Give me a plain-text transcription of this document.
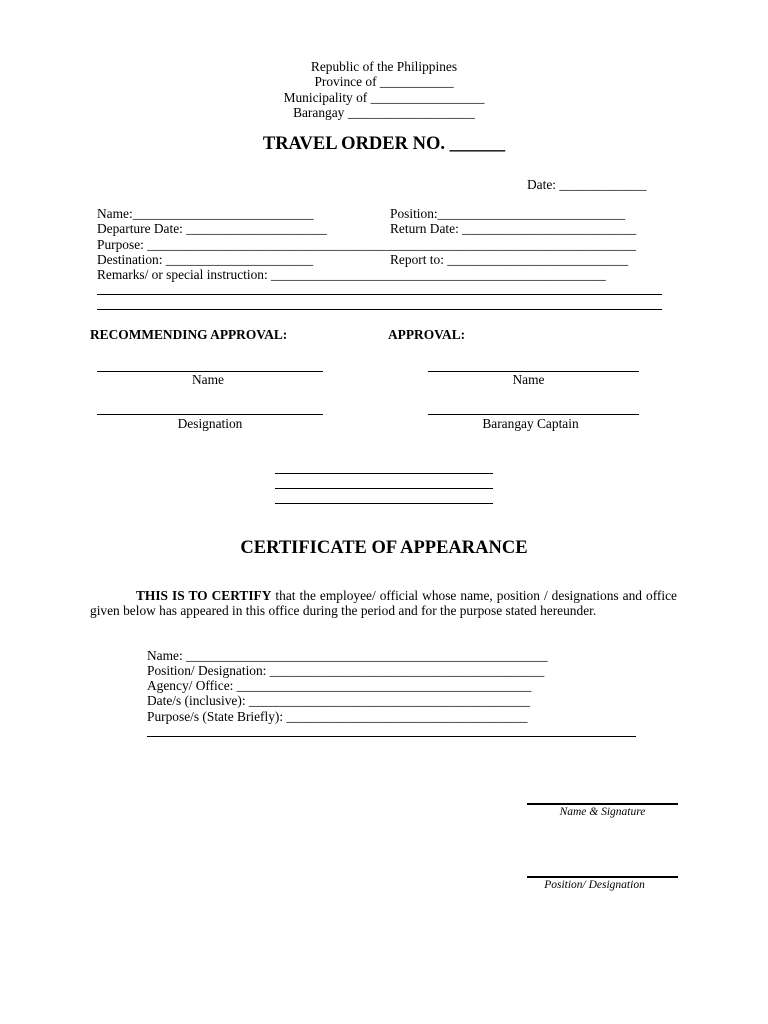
Republic of the Philippines
Province of ___________
Municipality of _________________
Barangay ___________________
TRAVEL ORDER NO. ______
Date: _____________
Name:___________________________	Position:____________________________
Departure Date: _____________________	Return Date: __________________________
Purpose: _________________________________________________________________________
Destination: ______________________	Report to: ___________________________
Remarks/ or special instruction: __________________________________________________
RECOMMENDING APPROVAL:	APPROVAL:
Name	Name
Designation	Barangay Captain
CERTIFICATE OF APPEARANCE
THIS IS TO CERTIFY that the employee/ official whose name, position / designations and office given below has appeared in this office during the period and for the purpose stated hereunder.
Name: ______________________________________________________
Position/ Designation: _________________________________________
Agency/ Office: ____________________________________________
Date/s (inclusive): __________________________________________
Purpose/s (State Briefly): ____________________________________
Name & Signature
Position/ Designation
